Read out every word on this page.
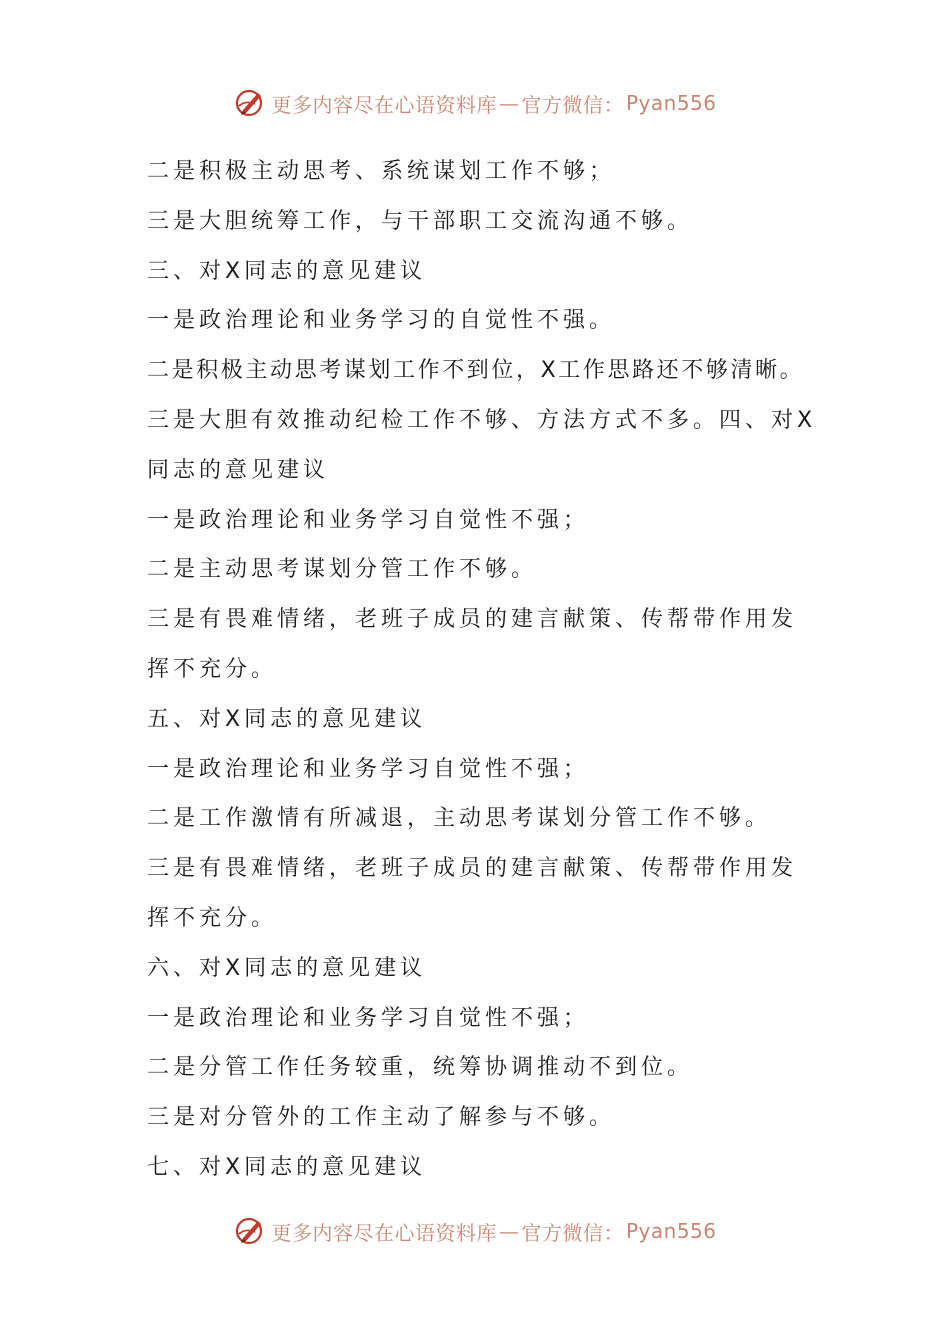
更多内容尽在心语资料库 — 官方微信： Pyan556
二是积极主动思考、系统谋划工作不够；
三是大胆统筹工作，与干部职工交流沟通不够。
三、对X同志的意见建议
一是政治理论和业务学习的自觉性不强。
二是积极主动思考谋划工作不到位，X工作思路还不够清晰。
三是大胆有效推动纪检工作不够、方法方式不多。四、对X
同志的意见建议
一是政治理论和业务学习自觉性不强；
二是主动思考谋划分管工作不够。
三是有畏难情绪，老班子成员的建言献策、传帮带作用发
挥不充分。
五、对X同志的意见建议
一是政治理论和业务学习自觉性不强；
二是工作激情有所减退，主动思考谋划分管工作不够。
三是有畏难情绪，老班子成员的建言献策、传帮带作用发
挥不充分。
六、对X同志的意见建议
一是政治理论和业务学习自觉性不强；
二是分管工作任务较重，统筹协调推动不到位。
三是对分管外的工作主动了解参与不够。
七、对X同志的意见建议
更多内容尽在心语资料库 — 官方微信： Pyan556
